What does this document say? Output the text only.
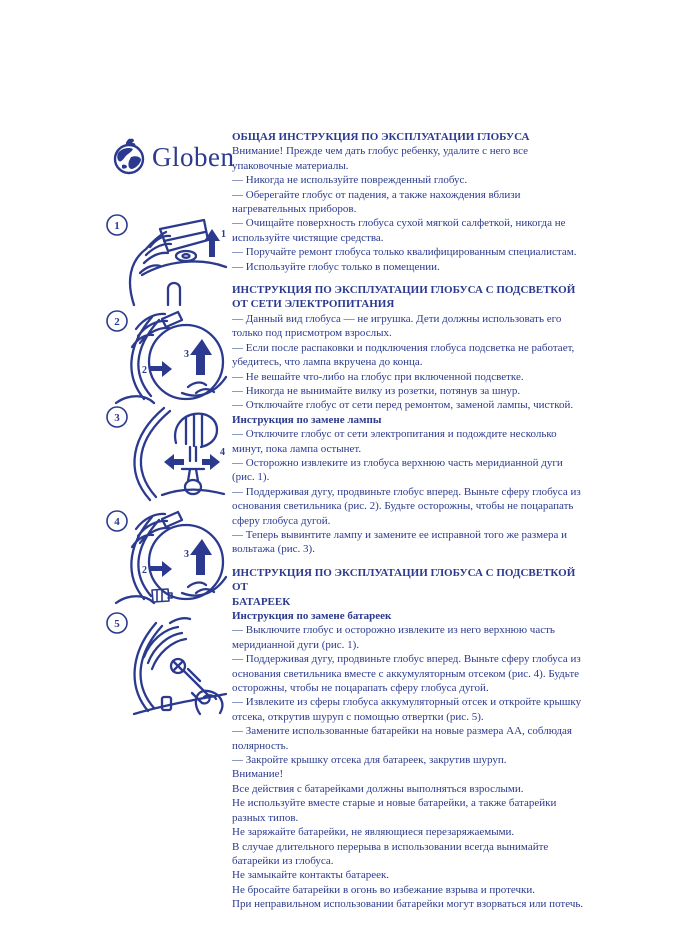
Globen
1
1
2
3
2
4
3
2
3
4
5
ОБЩАЯ ИНСТРУКЦИЯ ПО ЭКСПЛУАТАЦИИ ГЛОБУСА

Внимание! Прежде чем дать глобус ребенку, удалите с него все упаковочные материалы.

— Никогда не используйте поврежденный глобус.

— Оберегайте глобус от падения, а также нахождения вблизи нагревательных приборов.

— Очищайте поверхность глобуса сухой мягкой салфеткой, никогда не используйте чистящие средства.

— Поручайте ремонт глобуса только квалифицированным специалистам.

— Используйте глобус только в помещении.

ИНСТРУКЦИЯ ПО ЭКСПЛУАТАЦИИ ГЛОБУСА С ПОДСВЕТКОЙ
ОТ СЕТИ ЭЛЕКТРОПИТАНИЯ

— Данный вид глобуса — не игрушка. Дети должны использовать его только под присмотром взрослых.

— Если после распаковки и подключения глобуса подсветка не работает, убедитесь, что лампа вкручена до конца.

— Не вешайте что-либо на глобус при включенной подсветке.

— Никогда не вынимайте вилку из розетки, потянув за шнур.

— Отключайте глобус от сети перед ремонтом, заменой лампы, чисткой.

Инструкция по замене лампы

— Отключите глобус от сети электропитания и подождите несколько минут, пока лампа остынет.

— Осторожно извлеките из глобуса верхнюю часть меридианной дуги (рис. 1).

— Поддерживая дугу, продвиньте глобус вперед. Выньте сферу глобуса из основания светильника (рис. 2). Будьте осторожны, чтобы не поцарапать сферу глобуса дугой.

— Теперь вывинтите лампу и замените ее исправной того же размера и вольтажа (рис. 3).

ИНСТРУКЦИЯ ПО ЭКСПЛУАТАЦИИ ГЛОБУСА С ПОДСВЕТКОЙ ОТ
БАТАРЕЕК

Инструкция по замене батареек

— Выключите глобус и осторожно извлеките из него верхнюю часть меридианной дуги (рис. 1).

— Поддерживая дугу, продвиньте глобус вперед. Выньте сферу глобуса из основания светильника вместе с аккумуляторным отсеком (рис. 4). Будьте осторожны, чтобы не поцарапать сферу глобуса дугой.

— Извлеките из сферы глобуса аккумуляторный отсек и откройте крышку отсека, открутив шуруп с помощью отвертки (рис. 5).

— Замените использованные батарейки на новые размера АА, соблюдая полярность.

— Закройте крышку отсека для батареек, закрутив шуруп.

Внимание!

Все действия с батарейками должны выполняться взрослыми.

Не используйте вместе старые и новые батарейки, а также батарейки разных типов.

Не заряжайте батарейки, не являющиеся перезаряжаемыми.

В случае длительного перерыва в использовании всегда вынимайте батарейки из глобуса.

Не замыкайте контакты батареек.

Не бросайте батарейки в огонь во избежание взрыва и протечки.

При неправильном использовании батарейки могут взорваться или потечь.
